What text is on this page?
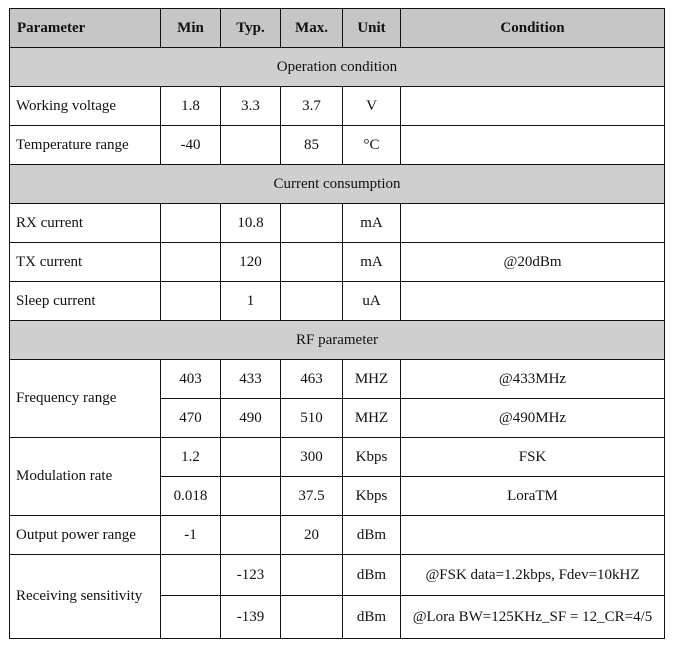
Parameter	Min	Typ.	Max.	Unit	Condition
Operation condition					
Working voltage	1.8	3.3	3.7	V	
Temperature range	-40		85	°C	
Current consumption					
RX current		10.8		mA	
TX current		120		mA	@20dBm
Sleep current		1		uA	
RF parameter					
Frequency range	403	433	463	MHZ	@433MHz
	470	490	510	MHZ	@490MHz
Modulation rate	1.2		300	Kbps	FSK
	0.018		37.5	Kbps	LoraTM
Output power range	-1		20	dBm	
Receiving sensitivity		-123		dBm	@FSK data=1.2kbps, Fdev=10kHZ
		-139		dBm	@Lora BW=125KHz_SF = 12_CR=4/5
